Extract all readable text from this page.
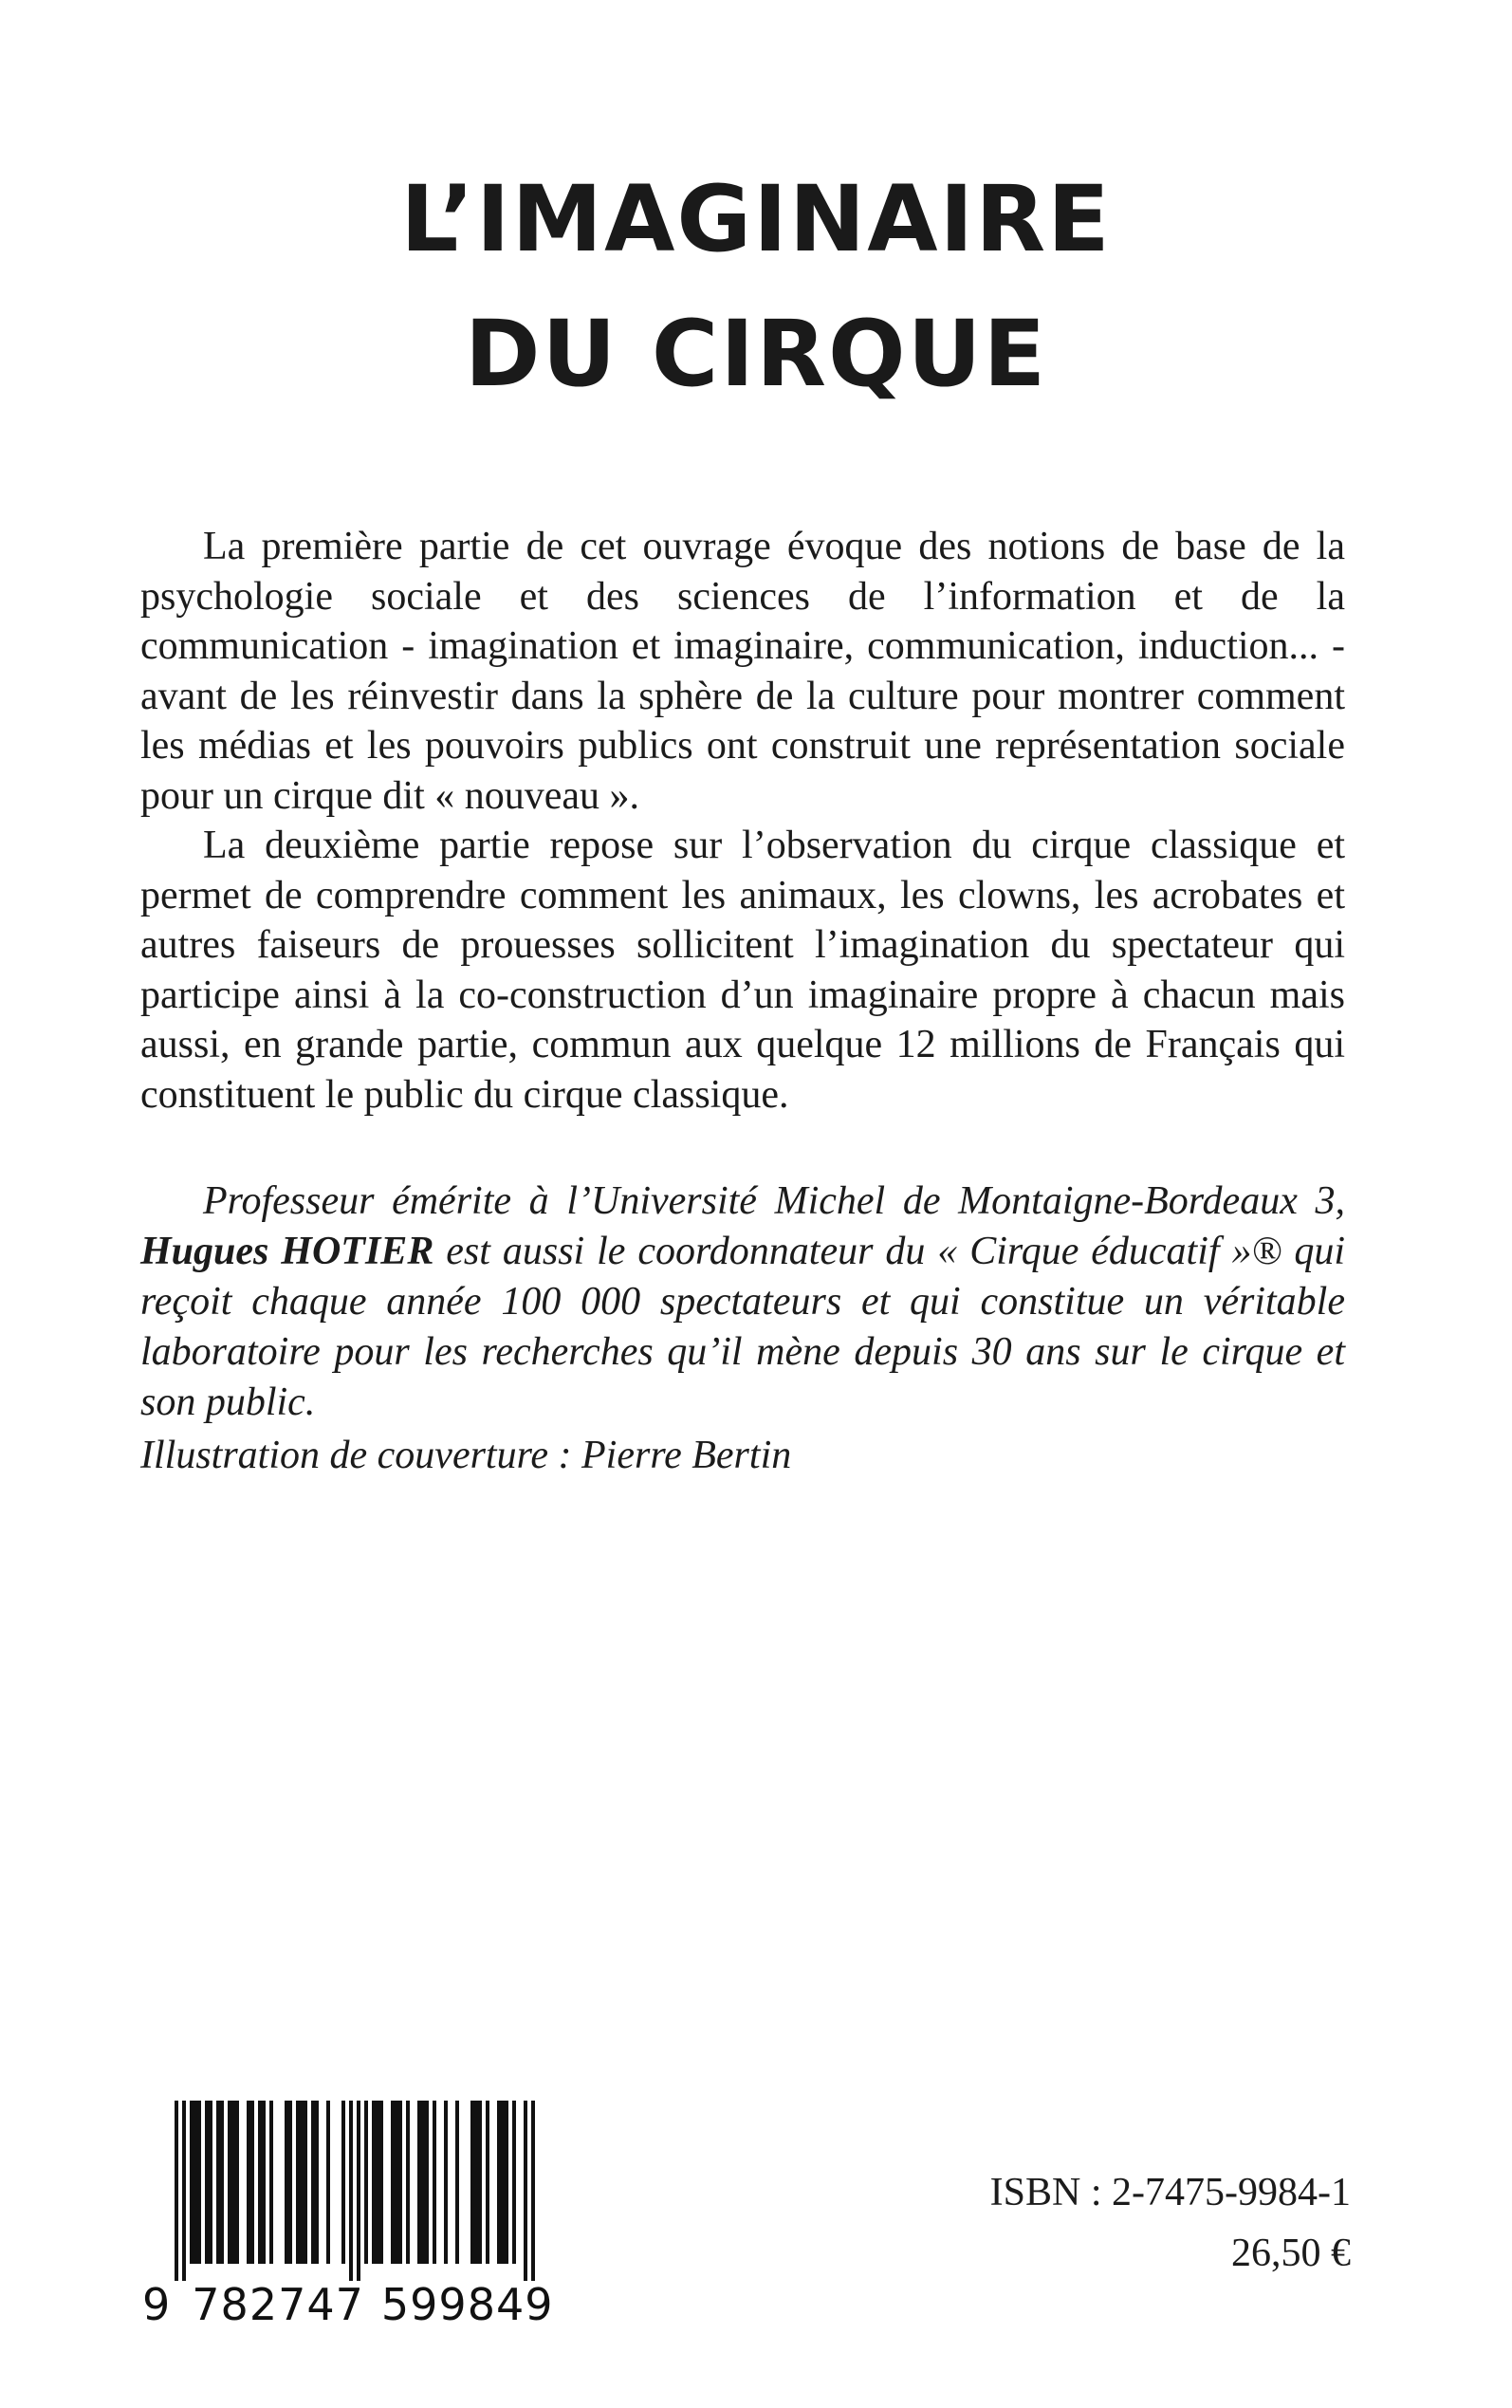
L’IMAGINAIRE
DU CIRQUE

La première partie de cet ouvrage évoque des notions de base de la psychologie sociale et des sciences de l’information et de la communication - imagination et imaginaire, communication, induction... - avant de les réinvestir dans la sphère de la culture pour montrer comment les médias et les pouvoirs publics ont construit une représentation sociale pour un cirque dit « nouveau ».

La deuxième partie repose sur l’observation du cirque classique et permet de comprendre comment les animaux, les clowns, les acrobates et autres faiseurs de prouesses sollicitent l’imagination du spectateur qui participe ainsi à la co-construction d’un imaginaire propre à chacun mais aussi, en grande partie, commun aux quelque 12 millions de Français qui constituent le public du cirque classique.

Professeur émérite à l’Université Michel de Montaigne-Bordeaux 3, Hugues HOTIER est aussi le coordonnateur du « Cirque éducatif »® qui reçoit chaque année 100 000 spectateurs et qui constitue un véritable laboratoire pour les recherches qu’il mène depuis 30 ans sur le cirque et son public.

Illustration de couverture : Pierre Bertin

9 782747 599849

ISBN : 2-7475-9984-1

26,50 €
